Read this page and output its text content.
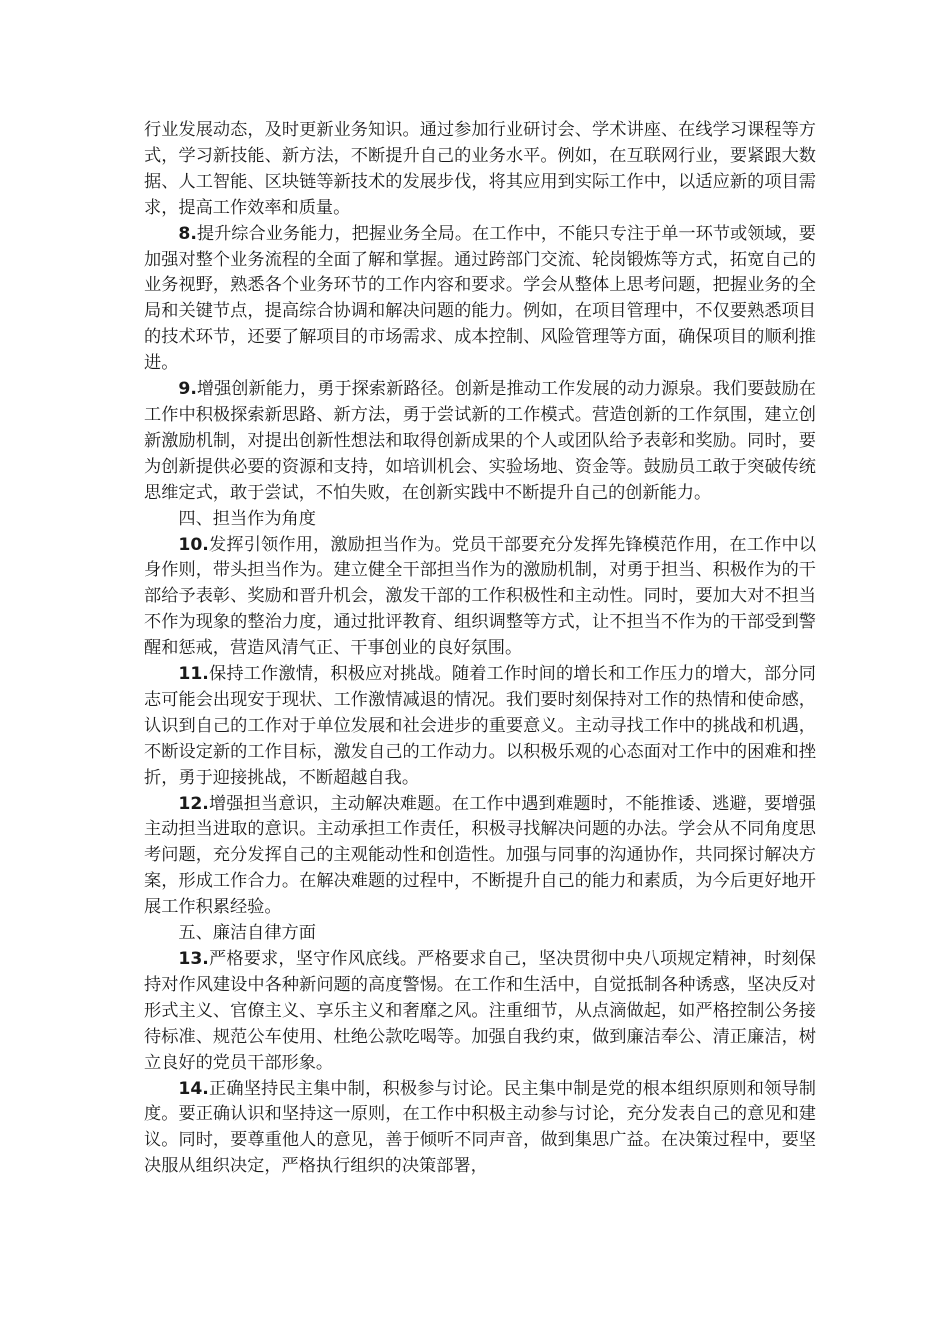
行业发展动态，及时更新业务知识。通过参加行业研讨会、学术讲座、在线学习课程等方式，学习新技能、新方法，不断提升自己的业务水平。例如，在互联网行业，要紧跟大数据、人工智能、区块链等新技术的发展步伐，将其应用到实际工作中，以适应新的项目需求，提高工作效率和质量。

8.提升综合业务能力，把握业务全局。在工作中，不能只专注于单一环节或领域，要加强对整个业务流程的全面了解和掌握。通过跨部门交流、轮岗锻炼等方式，拓宽自己的业务视野，熟悉各个业务环节的工作内容和要求。学会从整体上思考问题，把握业务的全局和关键节点，提高综合协调和解决问题的能力。例如，在项目管理中，不仅要熟悉项目的技术环节，还要了解项目的市场需求、成本控制、风险管理等方面，确保项目的顺利推进。

9.增强创新能力，勇于探索新路径。创新是推动工作发展的动力源泉。我们要鼓励在工作中积极探索新思路、新方法，勇于尝试新的工作模式。营造创新的工作氛围，建立创新激励机制，对提出创新性想法和取得创新成果的个人或团队给予表彰和奖励。同时，要为创新提供必要的资源和支持，如培训机会、实验场地、资金等。鼓励员工敢于突破传统思维定式，敢于尝试，不怕失败，在创新实践中不断提升自己的创新能力。

四、担当作为角度

10.发挥引领作用，激励担当作为。党员干部要充分发挥先锋模范作用，在工作中以身作则，带头担当作为。建立健全干部担当作为的激励机制，对勇于担当、积极作为的干部给予表彰、奖励和晋升机会，激发干部的工作积极性和主动性。同时，要加大对不担当不作为现象的整治力度，通过批评教育、组织调整等方式，让不担当不作为的干部受到警醒和惩戒，营造风清气正、干事创业的良好氛围。

11.保持工作激情，积极应对挑战。随着工作时间的增长和工作压力的增大，部分同志可能会出现安于现状、工作激情减退的情况。我们要时刻保持对工作的热情和使命感，认识到自己的工作对于单位发展和社会进步的重要意义。主动寻找工作中的挑战和机遇，不断设定新的工作目标，激发自己的工作动力。以积极乐观的心态面对工作中的困难和挫折，勇于迎接挑战，不断超越自我。

12.增强担当意识，主动解决难题。在工作中遇到难题时，不能推诿、逃避，要增强主动担当进取的意识。主动承担工作责任，积极寻找解决问题的办法。学会从不同角度思考问题，充分发挥自己的主观能动性和创造性。加强与同事的沟通协作，共同探讨解决方案，形成工作合力。在解决难题的过程中，不断提升自己的能力和素质，为今后更好地开展工作积累经验。

五、廉洁自律方面

13.严格要求，坚守作风底线。严格要求自己，坚决贯彻中央八项规定精神，时刻保持对作风建设中各种新问题的高度警惕。在工作和生活中，自觉抵制各种诱惑，坚决反对形式主义、官僚主义、享乐主义和奢靡之风。注重细节，从点滴做起，如严格控制公务接待标准、规范公车使用、杜绝公款吃喝等。加强自我约束，做到廉洁奉公、清正廉洁，树立良好的党员干部形象。

14.正确坚持民主集中制，积极参与讨论。民主集中制是党的根本组织原则和领导制度。要正确认识和坚持这一原则，在工作中积极主动参与讨论，充分发表自己的意见和建议。同时，要尊重他人的意见，善于倾听不同声音，做到集思广益。在决策过程中，要坚决服从组织决定，严格执行组织的决策部署，
